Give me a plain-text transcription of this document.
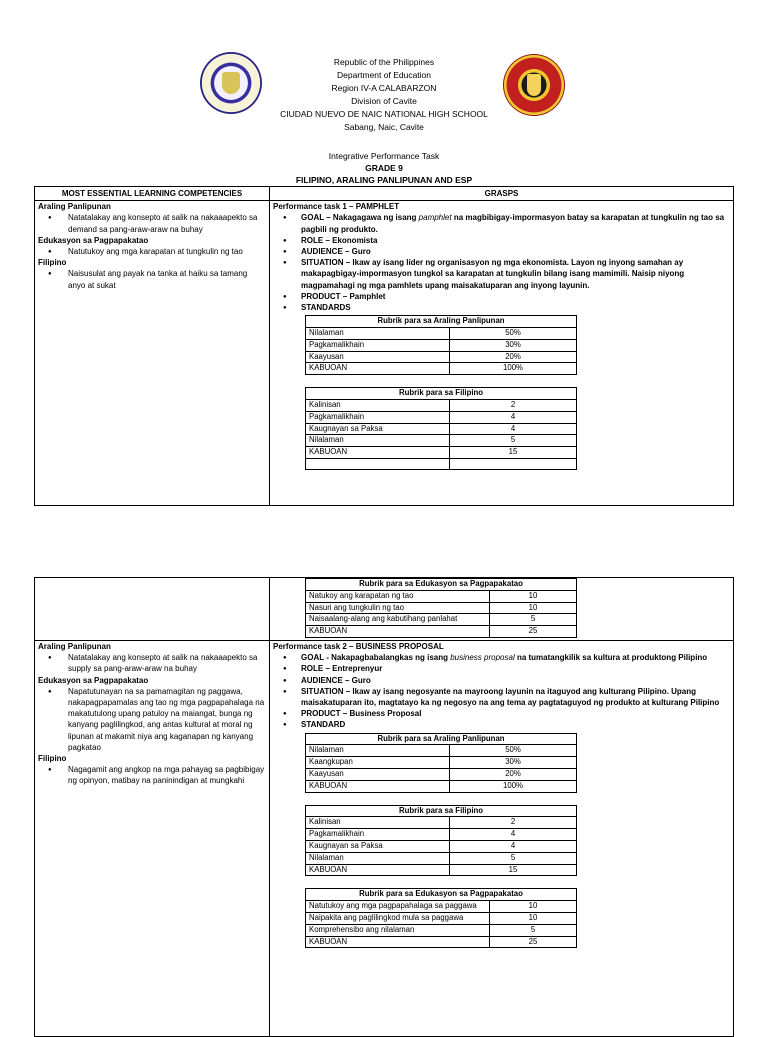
Republic of the Philippines
Department of Education
Region IV-A CALABARZON
Division of Cavite
CIUDAD NUEVO DE NAIC NATIONAL HIGH SCHOOL
Sabang, Naic, Cavite
Integrative Performance Task
GRADE 9
FILIPINO, ARALING PANLIPUNAN AND ESP
MOST ESSENTIAL LEARNING COMPETENCIES	GRASPS

Araling Panlipunan
● Natatalakay ang konsepto at salik na nakaaapekto sa demand sa pang-araw-araw na buhay
Edukasyon sa Pagpapakatao
● Natutukoy ang mga karapatan at tungkulin ng tao
Filipino
● Naisusulat ang payak na tanka at haiku sa tamang anyo at sukat

Performance task 1 – PAMPHLET
● GOAL – Nakagagawa ng isang pamphlet na magbibigay-impormasyon batay sa karapatan at tungkulin ng tao sa pagbili ng produkto.
● ROLE – Ekonomista
● AUDIENCE – Guro
● SITUATION – Ikaw ay isang lider ng organisasyon ng mga ekonomista. Layon ng inyong samahan ay makapagbigay-impormasyon tungkol sa karapatan at tungkulin bilang isang mamimili. Naisip niyong magpamahagi ng mga pamhlets upang maisakatuparan ang inyong layunin.
● PRODUCT – Pamphlet
● STANDARDS
Rubrik para sa Araling Panlipunan
Nilalaman	50%
Pagkamalikhain	30%
Kaayusan	20%
KABUOAN	100%
Rubrik para sa Filipino
Kalinisan	2
Pagkamalikhain	4
Kaugnayan sa Paksa	4
Nilalaman	5
KABUOAN	15

Rubrik para sa Edukasyon sa Pagpapakatao
Natukoy ang karapatan ng tao	10
Nasuri ang tungkulin ng tao	10
Naisaalang-alang ang kabutihang panlahat	5
KABUOAN	25

Araling Panlipunan
● Natatalakay ang konsepto at salik na nakaaapekto sa supply sa pang-araw-araw na buhay
Edukasyon sa Pagpapakatao
● Napatutunayan na sa pamamagitan ng paggawa, nakapagpapamalas ang tao ng mga pagpapahalaga na makatutulong upang patuloy na maiangat, bunga ng kanyang paglilingkod, ang antas kultural at moral ng lipunan at makamit niya ang kaganapan ng kanyang pagkatao
Filipino
● Nagagamit ang angkop na mga pahayag sa pagbibigay ng opinyon, matibay na paninindigan at mungkahi

Performance task 2 – BUSINESS PROPOSAL
● GOAL - Nakapagbabalangkas ng isang business proposal na tumatangkilik sa kultura at produktong Pilipino
● ROLE – Entreprenyur
● AUDIENCE – Guro
● SITUATION – Ikaw ay isang negosyante na mayroong layunin na itaguyod ang kulturang Pilipino. Upang maisakatuparan ito, magtatayo ka ng negosyo na ang tema ay pagtataguyod ng produkto at kulturang Pilipino
● PRODUCT – Business Proposal
● STANDARD
Rubrik para sa Araling Panlipunan
Nilalaman	50%
Kaangkupan	30%
Kaayusan	20%
KABUOAN	100%
Rubrik para sa Filipino
Kalinisan	2
Pagkamalikhain	4
Kaugnayan sa Paksa	4
Nilalaman	5
KABUOAN	15
Rubrik para sa Edukasyon sa Pagpapakatao
Natutukoy ang mga pagpapahalaga sa paggawa	10
Naipakita ang paglilingkod mula sa paggawa	10
Komprehensibo ang nilalaman	5
KABUOAN	25
